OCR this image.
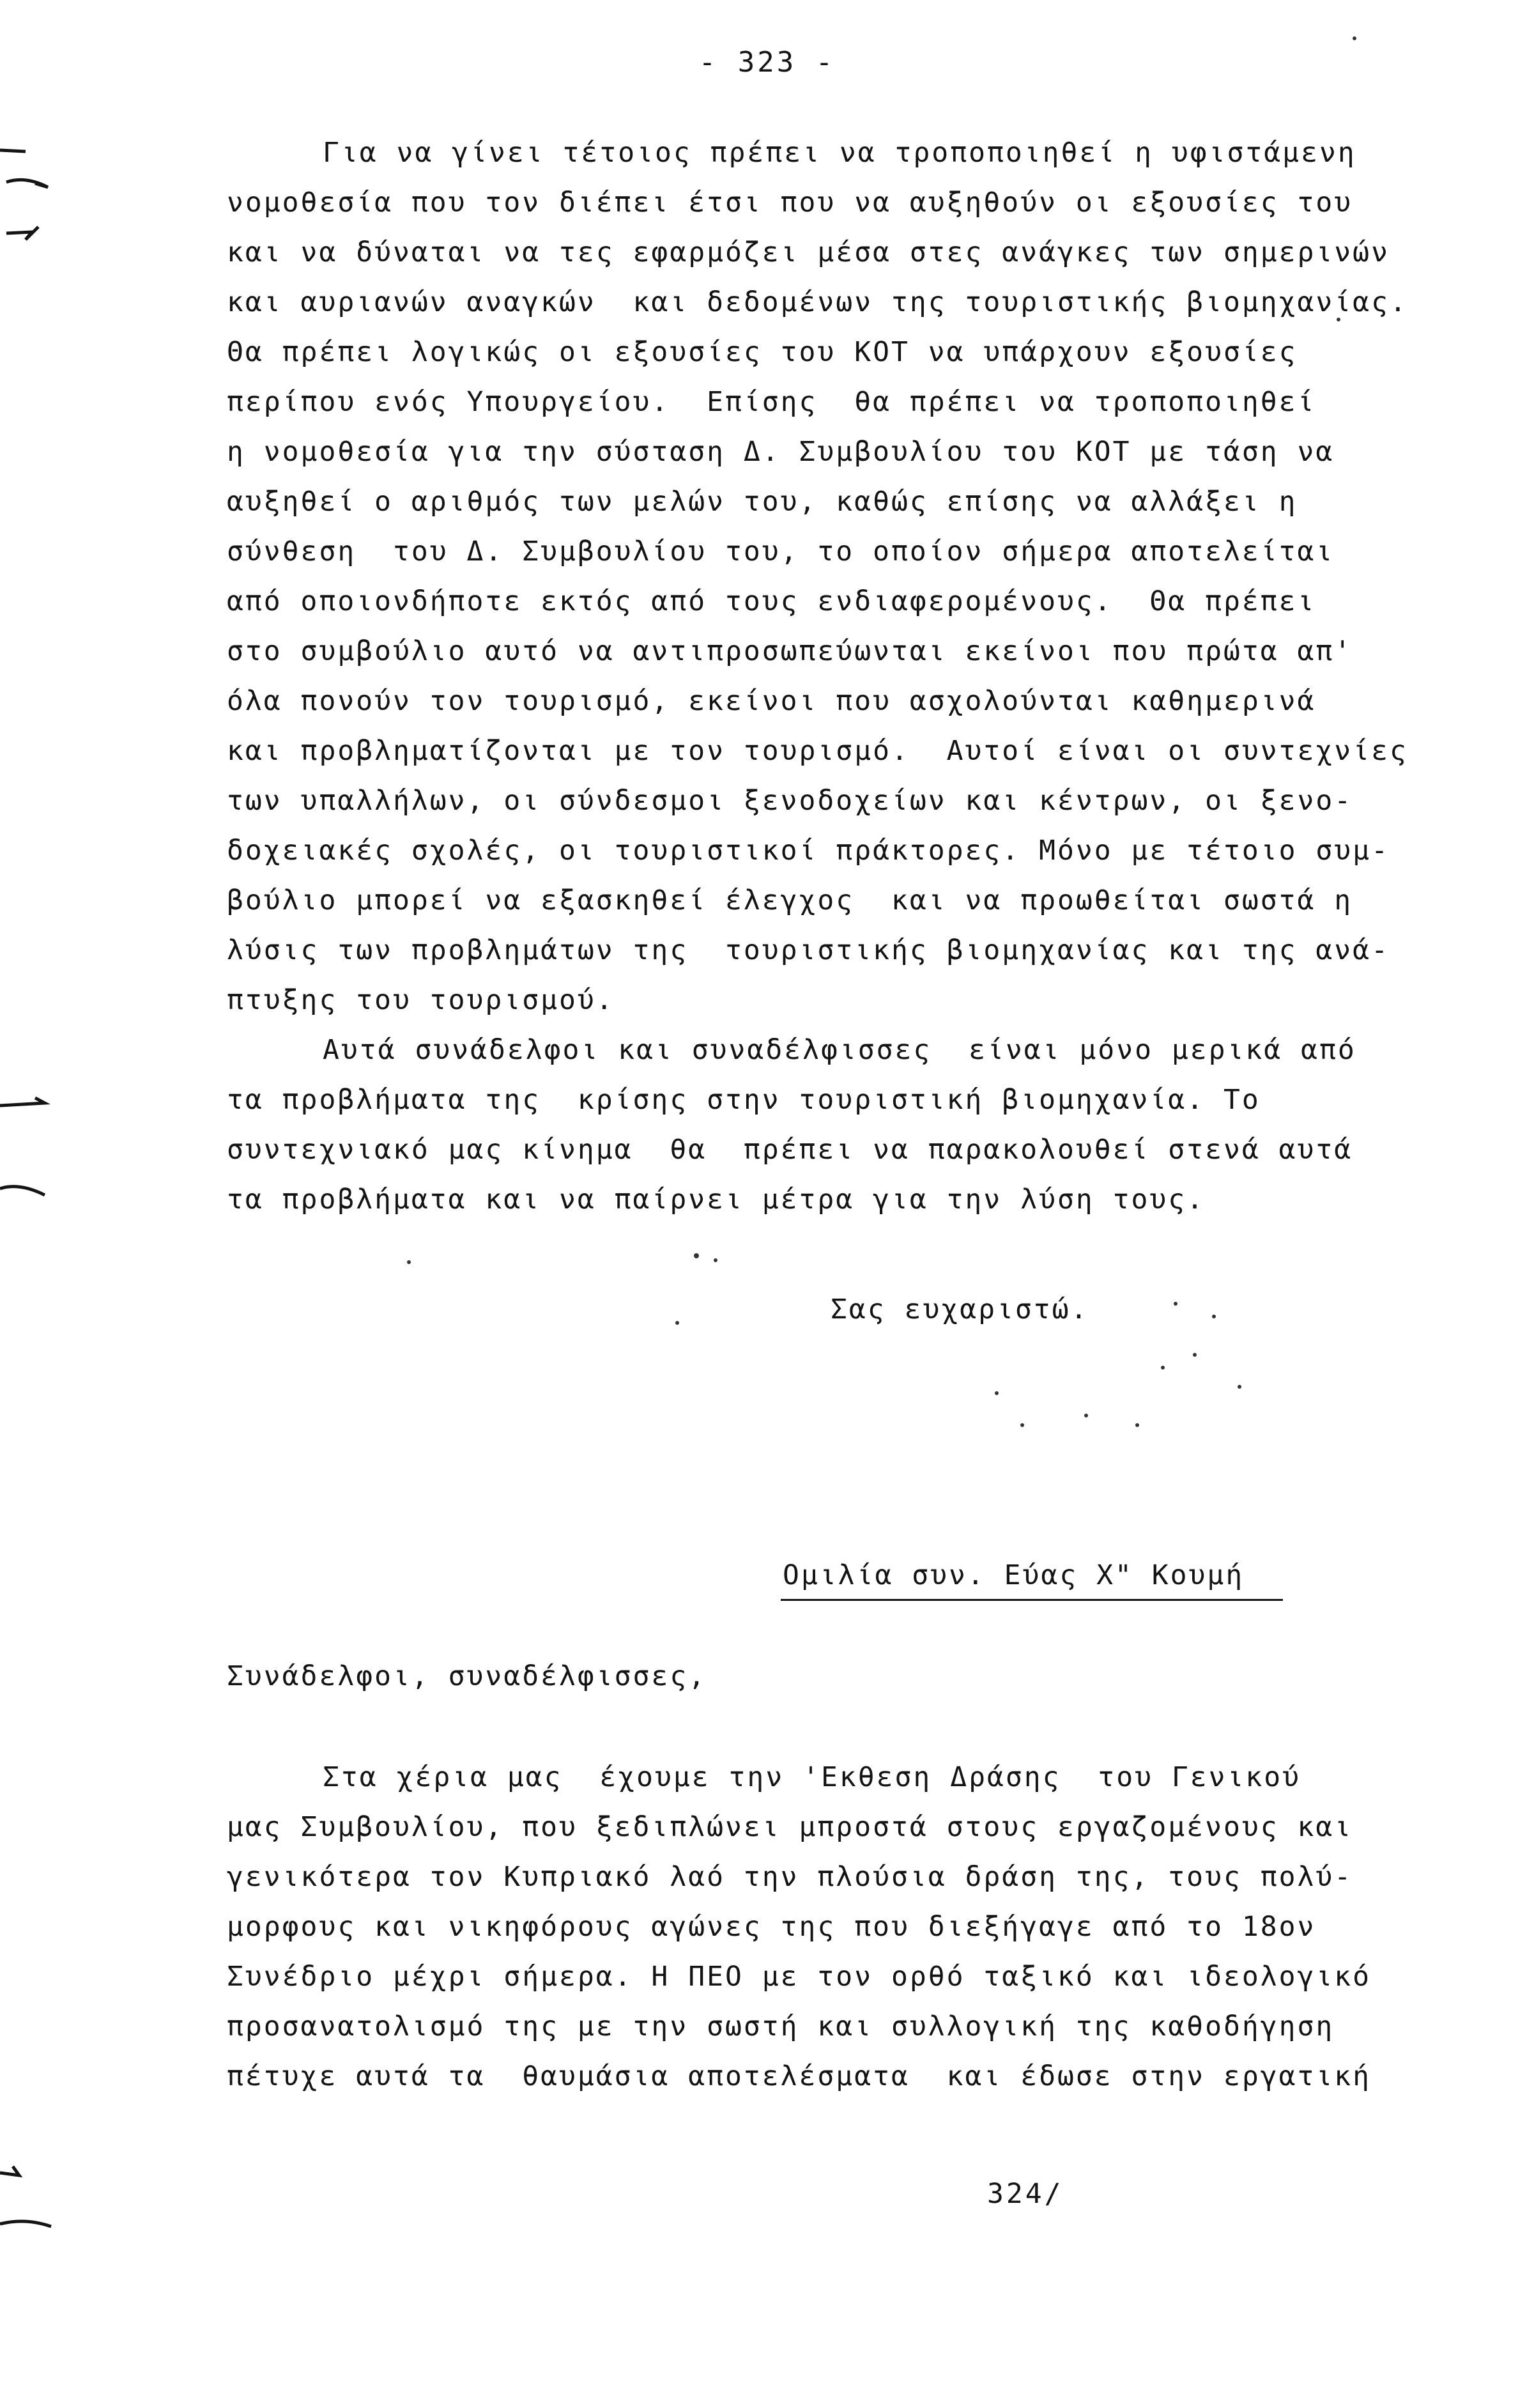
- 323 -
Για να γίνει τέτοιος πρέπει να τροποποιηθεί η υφιστάμενη
νομοθεσία που τον διέπει έτσι που να αυξηθούν οι εξουσίες του
και να δύναται να τες εφαρμόζει μέσα στες ανάγκες των σημερινών
και αυριανών αναγκών  και δεδομένων της τουριστικής βιομηχανίας.
Θα πρέπει λογικώς οι εξουσίες του ΚΟΤ να υπάρχουν εξουσίες
περίπου ενός Υπουργείου.  Επίσης  θα πρέπει να τροποποιηθεί
η νομοθεσία για την σύσταση Δ. Συμβουλίου του ΚΟΤ με τάση να
αυξηθεί ο αριθμός των μελών του, καθώς επίσης να αλλάξει η
σύνθεση  του Δ. Συμβουλίου του, το οποίον σήμερα αποτελείται
από οποιονδήποτε εκτός από τους ενδιαφερομένους.  Θα πρέπει
στο συμβούλιο αυτό να αντιπροσωπεύωνται εκείνοι που πρώτα απ'
όλα πονούν τον τουρισμό, εκείνοι που ασχολούνται καθημερινά
και προβληματίζονται με τον τουρισμό.  Αυτοί είναι οι συντεχνίες
των υπαλλήλων, οι σύνδεσμοι ξενοδοχείων και κέντρων, οι ξενο-
δοχειακές σχολές, οι τουριστικοί πράκτορες. Μόνο με τέτοιο συμ-
βούλιο μπορεί να εξασκηθεί έλεγχος  και να προωθείται σωστά η
λύσις των προβλημάτων της  τουριστικής βιομηχανίας και της ανά-
πτυξης του τουρισμού.
Αυτά συνάδελφοι και συναδέλφισσες  είναι μόνο μερικά από
τα προβλήματα της  κρίσης στην τουριστική βιομηχανία. Το
συντεχνιακό μας κίνημα  θα  πρέπει να παρακολουθεί στενά αυτά
τα προβλήματα και να παίρνει μέτρα για την λύση τους.
Σας ευχαριστώ.
Ομιλία συν. Εύας Χ" Κουμή
Συνάδελφοι, συναδέλφισσες,
Στα χέρια μας  έχουμε την 'Εκθεση Δράσης  του Γενικού
μας Συμβουλίου, που ξεδιπλώνει μπροστά στους εργαζομένους και
γενικότερα τον Κυπριακό λαό την πλούσια δράση της, τους πολύ-
μορφους και νικηφόρους αγώνες της που διεξήγαγε από το 18ον
Συνέδριο μέχρι σήμερα. Η ΠΕΟ με τον ορθό ταξικό και ιδεολογικό
προσανατολισμό της με την σωστή και συλλογική της καθοδήγηση
πέτυχε αυτά τα  θαυμάσια αποτελέσματα  και έδωσε στην εργατική
324/
